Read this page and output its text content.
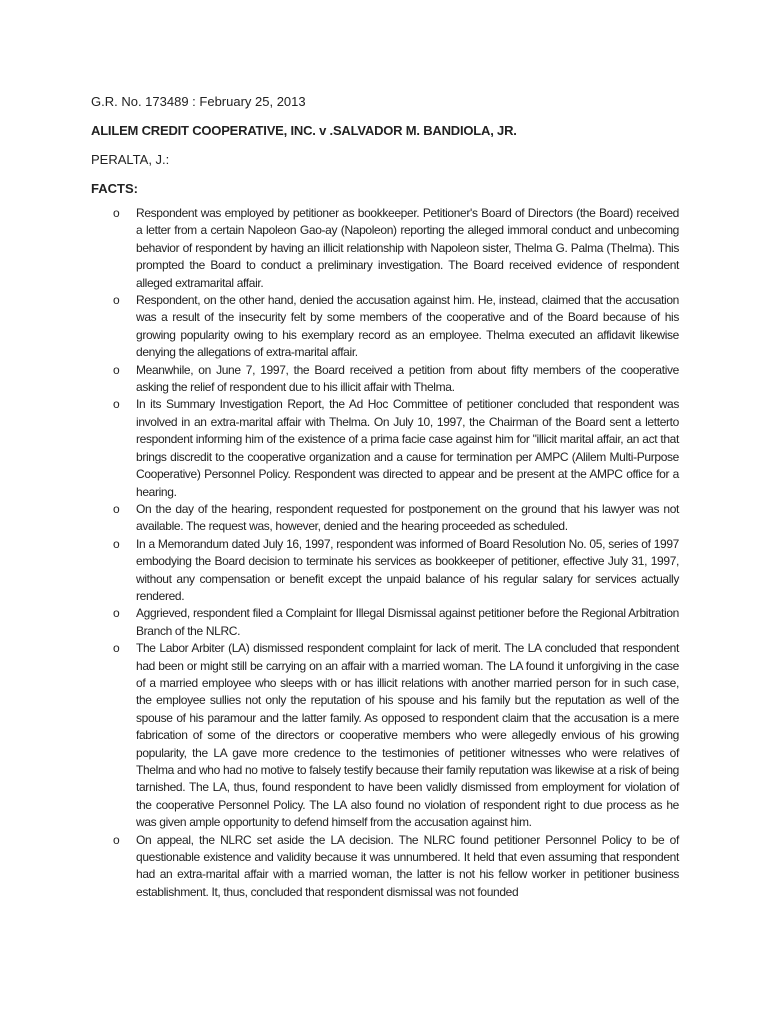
G.R. No. 173489 : February 25, 2013
ALILEM CREDIT COOPERATIVE, INC. v .SALVADOR M. BANDIOLA, JR.
PERALTA, J.:
FACTS:
o Respondent was employed by petitioner as bookkeeper. Petitioner's Board of Directors (the Board) received a letter from a certain Napoleon Gao-ay (Napoleon) reporting the alleged immoral conduct and unbecoming behavior of respondent by having an illicit relationship with Napoleon sister, Thelma G. Palma (Thelma). This prompted the Board to conduct a preliminary investigation. The Board received evidence of respondent alleged extramarital affair.
o Respondent, on the other hand, denied the accusation against him. He, instead, claimed that the accusation was a result of the insecurity felt by some members of the cooperative and of the Board because of his growing popularity owing to his exemplary record as an employee. Thelma executed an affidavit likewise denying the allegations of extra-marital affair.
o Meanwhile, on June 7, 1997, the Board received a petition from about fifty members of the cooperative asking the relief of respondent due to his illicit affair with Thelma.
o In its Summary Investigation Report, the Ad Hoc Committee of petitioner concluded that respondent was involved in an extra-marital affair with Thelma. On July 10, 1997, the Chairman of the Board sent a letterto respondent informing him of the existence of a prima facie case against him for "illicit marital affair, an act that brings discredit to the cooperative organization and a cause for termination per AMPC (Alilem Multi-Purpose Cooperative) Personnel Policy. Respondent was directed to appear and be present at the AMPC office for a hearing.
o On the day of the hearing, respondent requested for postponement on the ground that his lawyer was not available. The request was, however, denied and the hearing proceeded as scheduled.
o In a Memorandum dated July 16, 1997, respondent was informed of Board Resolution No. 05, series of 1997 embodying the Board decision to terminate his services as bookkeeper of petitioner, effective July 31, 1997, without any compensation or benefit except the unpaid balance of his regular salary for services actually rendered.
o Aggrieved, respondent filed a Complaint for Illegal Dismissal against petitioner before the Regional Arbitration Branch of the NLRC.
o The Labor Arbiter (LA) dismissed respondent complaint for lack of merit. The LA concluded that respondent had been or might still be carrying on an affair with a married woman. The LA found it unforgiving in the case of a married employee who sleeps with or has illicit relations with another married person for in such case, the employee sullies not only the reputation of his spouse and his family but the reputation as well of the spouse of his paramour and the latter family. As opposed to respondent claim that the accusation is a mere fabrication of some of the directors or cooperative members who were allegedly envious of his growing popularity, the LA gave more credence to the testimonies of petitioner witnesses who were relatives of Thelma and who had no motive to falsely testify because their family reputation was likewise at a risk of being tarnished. The LA, thus, found respondent to have been validly dismissed from employment for violation of the cooperative Personnel Policy. The LA also found no violation of respondent right to due process as he was given ample opportunity to defend himself from the accusation against him.
o On appeal, the NLRC set aside the LA decision. The NLRC found petitioner Personnel Policy to be of questionable existence and validity because it was unnumbered. It held that even assuming that respondent had an extra-marital affair with a married woman, the latter is not his fellow worker in petitioner business establishment. It, thus, concluded that respondent dismissal was not founded
